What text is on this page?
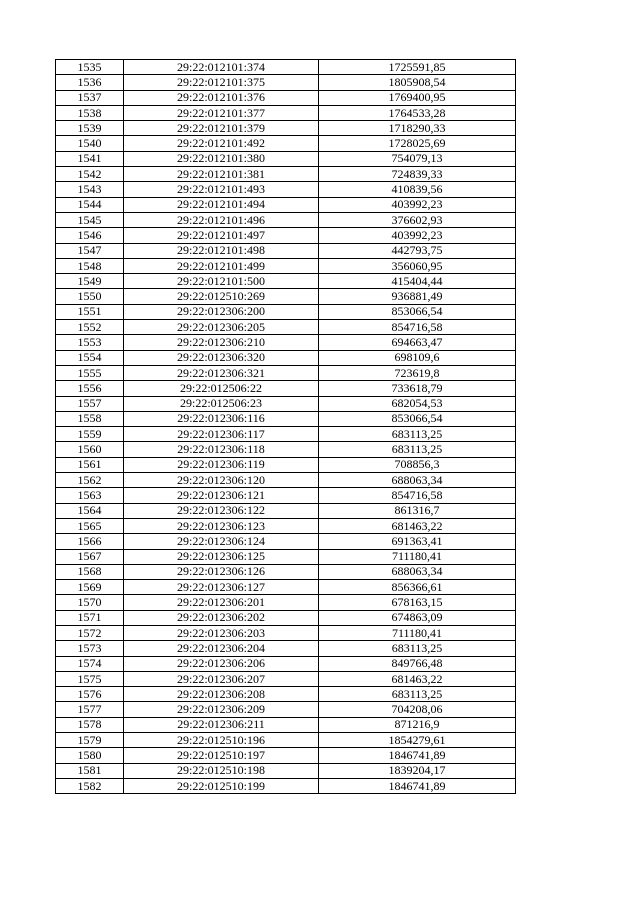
1535	29:22:012101:374	1725591,85
1536	29:22:012101:375	1805908,54
1537	29:22:012101:376	1769400,95
1538	29:22:012101:377	1764533,28
1539	29:22:012101:379	1718290,33
1540	29:22:012101:492	1728025,69
1541	29:22:012101:380	754079,13
1542	29:22:012101:381	724839,33
1543	29:22:012101:493	410839,56
1544	29:22:012101:494	403992,23
1545	29:22:012101:496	376602,93
1546	29:22:012101:497	403992,23
1547	29:22:012101:498	442793,75
1548	29:22:012101:499	356060,95
1549	29:22:012101:500	415404,44
1550	29:22:012510:269	936881,49
1551	29:22:012306:200	853066,54
1552	29:22:012306:205	854716,58
1553	29:22:012306:210	694663,47
1554	29:22:012306:320	698109,6
1555	29:22:012306:321	723619,8
1556	29:22:012506:22	733618,79
1557	29:22:012506:23	682054,53
1558	29:22:012306:116	853066,54
1559	29:22:012306:117	683113,25
1560	29:22:012306:118	683113,25
1561	29:22:012306:119	708856,3
1562	29:22:012306:120	688063,34
1563	29:22:012306:121	854716,58
1564	29:22:012306:122	861316,7
1565	29:22:012306:123	681463,22
1566	29:22:012306:124	691363,41
1567	29:22:012306:125	711180,41
1568	29:22:012306:126	688063,34
1569	29:22:012306:127	856366,61
1570	29:22:012306:201	678163,15
1571	29:22:012306:202	674863,09
1572	29:22:012306:203	711180,41
1573	29:22:012306:204	683113,25
1574	29:22:012306:206	849766,48
1575	29:22:012306:207	681463,22
1576	29:22:012306:208	683113,25
1577	29:22:012306:209	704208,06
1578	29:22:012306:211	871216,9
1579	29:22:012510:196	1854279,61
1580	29:22:012510:197	1846741,89
1581	29:22:012510:198	1839204,17
1582	29:22:012510:199	1846741,89
